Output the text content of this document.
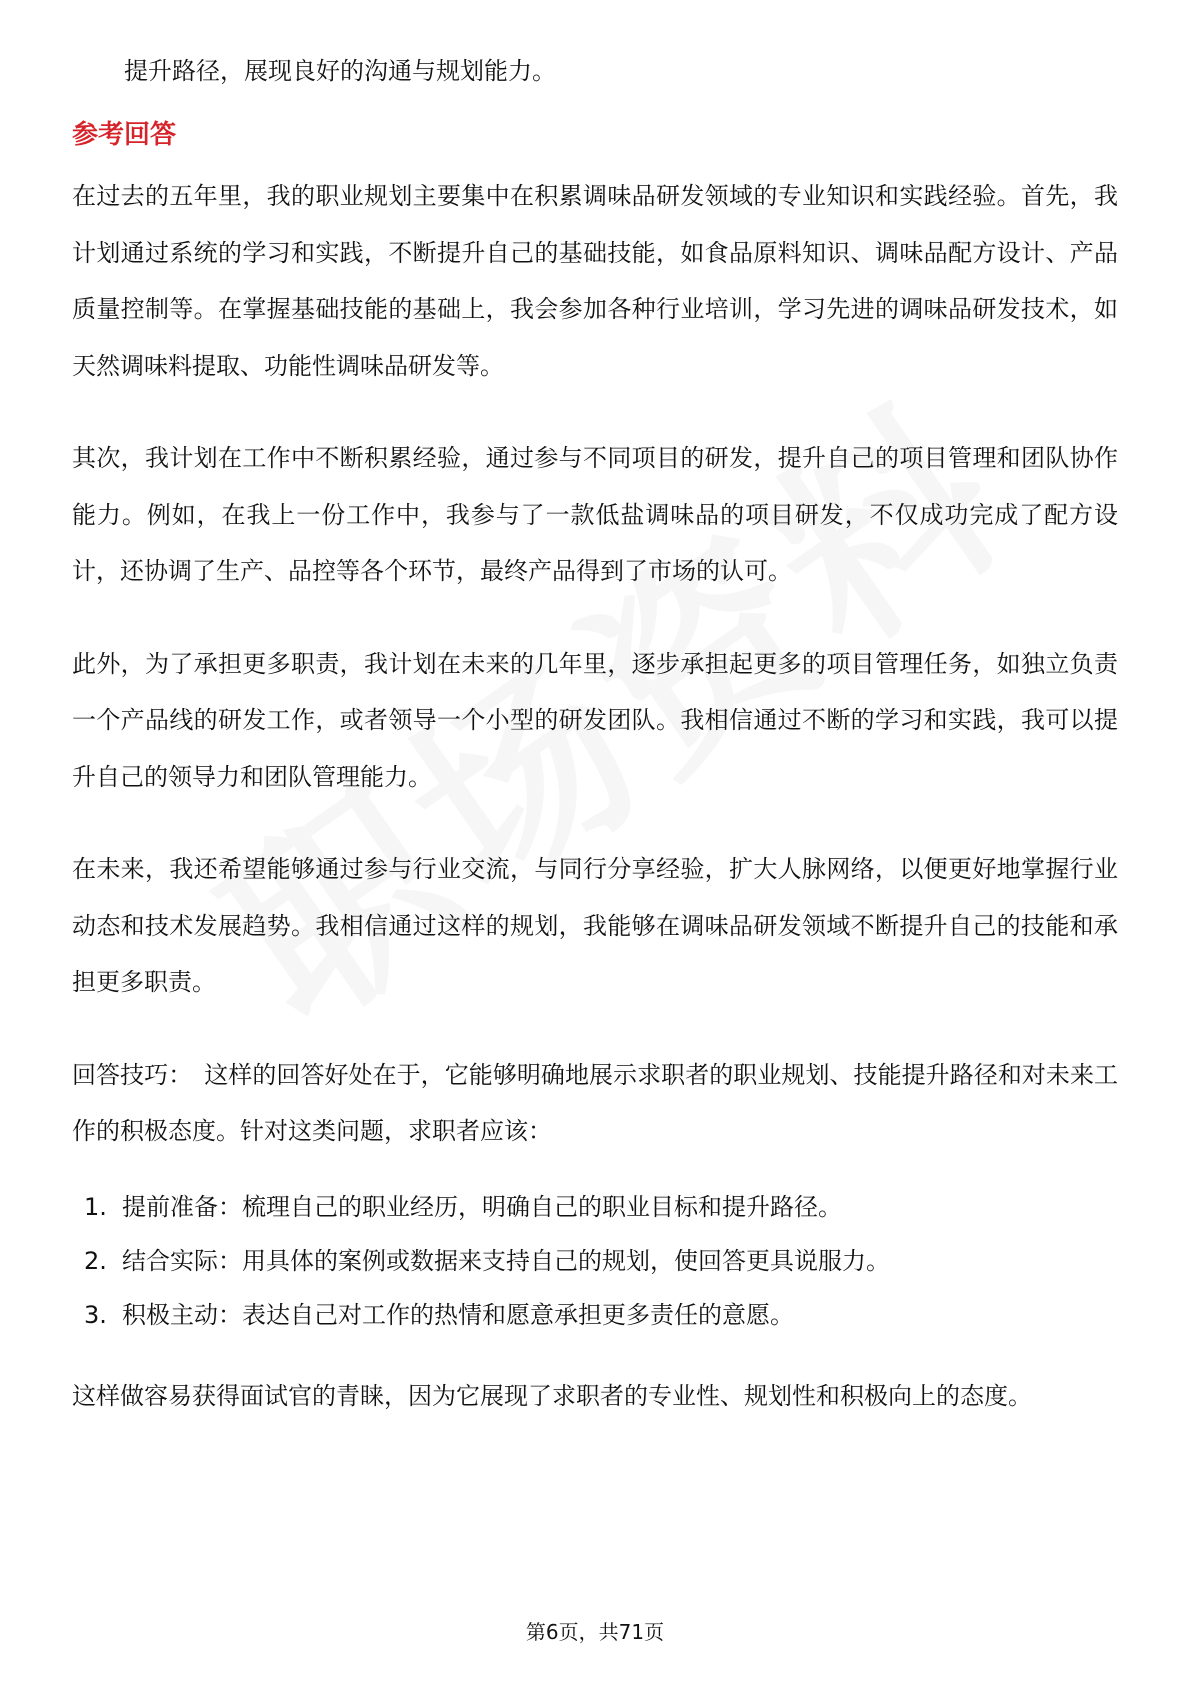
提升路径，展现良好的沟通与规划能力。

参考回答

在过去的五年里，我的职业规划主要集中在积累调味品研发领域的专业知识和实践经验。首先，我计划通过系统的学习和实践，不断提升自己的基础技能，如食品原料知识、调味品配方设计、产品质量控制等。在掌握基础技能的基础上，我会参加各种行业培训，学习先进的调味品研发技术，如天然调味料提取、功能性调味品研发等。

其次，我计划在工作中不断积累经验，通过参与不同项目的研发，提升自己的项目管理和团队协作能力。例如，在我上一份工作中，我参与了一款低盐调味品的项目研发，不仅成功完成了配方设计，还协调了生产、品控等各个环节，最终产品得到了市场的认可。

此外，为了承担更多职责，我计划在未来的几年里，逐步承担起更多的项目管理任务，如独立负责一个产品线的研发工作，或者领导一个小型的研发团队。我相信通过不断的学习和实践，我可以提升自己的领导力和团队管理能力。

在未来，我还希望能够通过参与行业交流，与同行分享经验，扩大人脉网络，以便更好地掌握行业动态和技术发展趋势。我相信通过这样的规划，我能够在调味品研发领域不断提升自己的技能和承担更多职责。

回答技巧： 这样的回答好处在于，它能够明确地展示求职者的职业规划、技能提升路径和对未来工作的积极态度。针对这类问题，求职者应该：

1. 提前准备：梳理自己的职业经历，明确自己的职业目标和提升路径。
2. 结合实际：用具体的案例或数据来支持自己的规划，使回答更具说服力。
3. 积极主动：表达自己对工作的热情和愿意承担更多责任的意愿。

这样做容易获得面试官的青睐，因为它展现了求职者的专业性、规划性和积极向上的态度。

第6页，共71页
